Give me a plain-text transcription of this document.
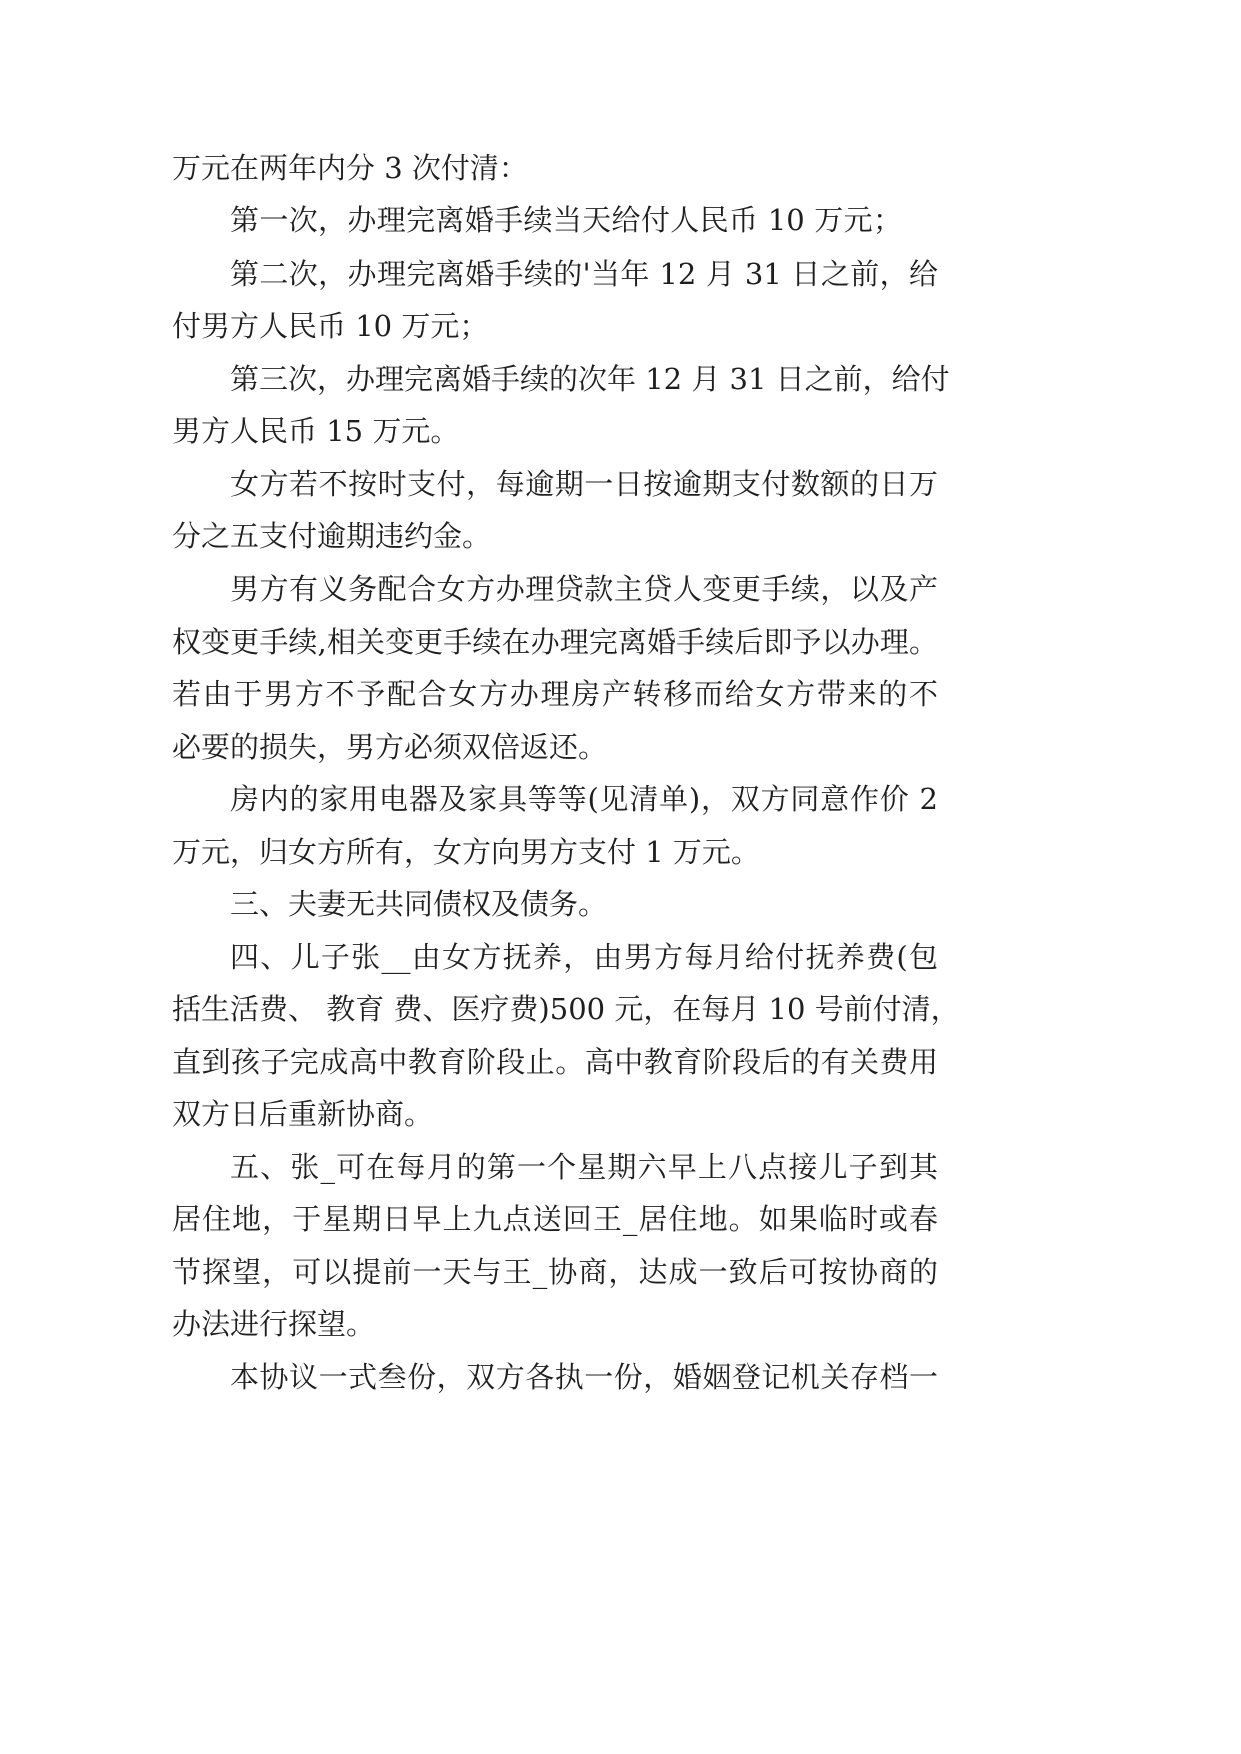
万元在两年内分 3 次付清：
第一次，办理完离婚手续当天给付人民币 10 万元；
第二次，办理完离婚手续的'当年 12 月 31 日之前，给
付男方人民币 10 万元；
第三次，办理完离婚手续的次年 12 月 31 日之前，给付
男方人民币 15 万元。
女方若不按时支付，每逾期一日按逾期支付数额的日万
分之五支付逾期违约金。
男方有义务配合女方办理贷款主贷人变更手续，以及产
权变更手续,相关变更手续在办理完离婚手续后即予以办理。
若由于男方不予配合女方办理房产转移而给女方带来的不
必要的损失，男方必须双倍返还。
房内的家用电器及家具等等(见清单)，双方同意作价 2
万元，归女方所有，女方向男方支付 1 万元。
三、夫妻无共同债权及债务。
四、儿子张__由女方抚养，由男方每月给付抚养费(包
括生活费、 教育 费、医疗费)500 元，在每月 10 号前付清，
直到孩子完成高中教育阶段止。高中教育阶段后的有关费用
双方日后重新协商。
五、张_可在每月的第一个星期六早上八点接儿子到其
居住地，于星期日早上九点送回王_居住地。如果临时或春
节探望，可以提前一天与王_协商，达成一致后可按协商的
办法进行探望。
本协议一式叁份，双方各执一份，婚姻登记机关存档一
